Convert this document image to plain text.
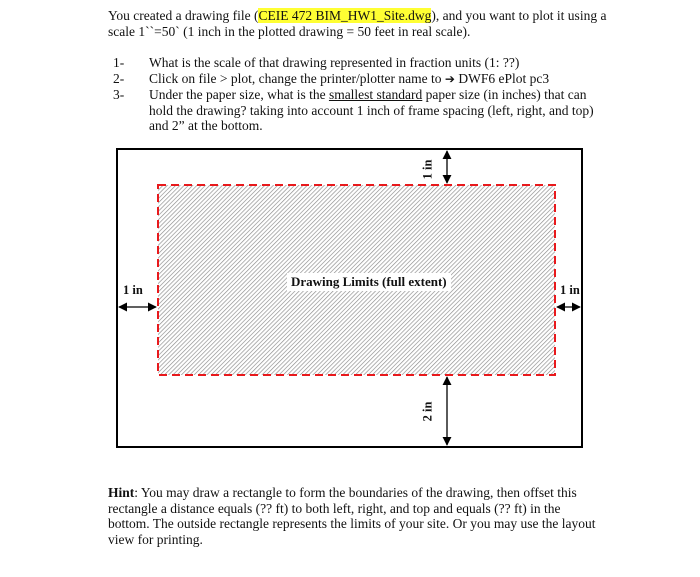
You created a drawing file (CEIE 472 BIM_HW1_Site.dwg), and you want to plot it using a scale 1``=50` (1 inch in the plotted drawing = 50 feet in real scale).
1- What is the scale of that drawing represented in fraction units (1: ??)
2- Click on file > plot, change the printer/plotter name to ➔ DWF6 ePlot pc3
3- Under the paper size, what is the smallest standard paper size (in inches) that can hold the drawing? taking into account 1 inch of frame spacing (left, right, and top) and 2” at the bottom.
Drawing Limits (full extent)
1 in
1 in	1 in
2 in
Hint: You may draw a rectangle to form the boundaries of the drawing, then offset this rectangle a distance equals (?? ft) to both left, right, and top and equals (?? ft) in the bottom. The outside rectangle represents the limits of your site. Or you may use the layout view for printing.
